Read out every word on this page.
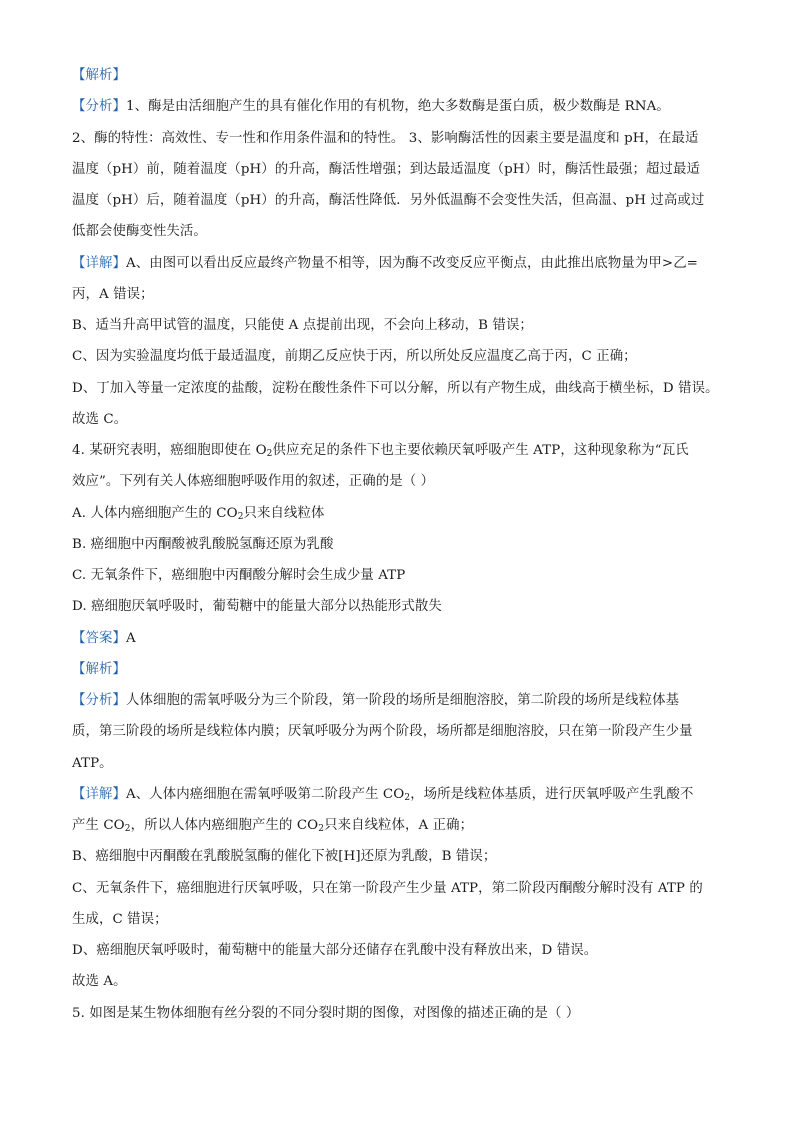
【解析】
【分析】1、酶是由活细胞产生的具有催化作用的有机物，绝大多数酶是蛋白质，极少数酶是 RNA。
2、酶的特性：高效性、专一性和作用条件温和的特性。 3、影响酶活性的因素主要是温度和 pH，在最适
温度（pH）前，随着温度（pH）的升高，酶活性增强；到达最适温度（pH）时，酶活性最强；超过最适
温度（pH）后，随着温度（pH）的升高，酶活性降低．另外低温酶不会变性失活，但高温、pH 过高或过
低都会使酶变性失活。
【详解】A、由图可以看出反应最终产物量不相等，因为酶不改变反应平衡点，由此推出底物量为甲>乙=
丙，A 错误；
B、适当升高甲试管的温度，只能使 A 点提前出现，不会向上移动，B 错误；
C、因为实验温度均低于最适温度，前期乙反应快于丙，所以所处反应温度乙高于丙，C 正确；
D、丁加入等量一定浓度的盐酸，淀粉在酸性条件下可以分解，所以有产物生成，曲线高于横坐标，D 错误。
故选 C。
4. 某研究表明，癌细胞即使在 $O_2$供应充足的条件下也主要依赖厌氧呼吸产生 ATP，这种现象称为“瓦氏
效应”。下列有关人体癌细胞呼吸作用的叙述，正确的是（ ）
A. 人体内癌细胞产生的 $CO_2$只来自线粒体
B. 癌细胞中丙酮酸被乳酸脱氢酶还原为乳酸
C. 无氧条件下，癌细胞中丙酮酸分解时会生成少量 ATP
D. 癌细胞厌氧呼吸时，葡萄糖中的能量大部分以热能形式散失
【答案】A
【解析】
【分析】人体细胞的需氧呼吸分为三个阶段，第一阶段的场所是细胞溶胶，第二阶段的场所是线粒体基
质，第三阶段的场所是线粒体内膜；厌氧呼吸分为两个阶段，场所都是细胞溶胶，只在第一阶段产生少量
ATP。
【详解】A、人体内癌细胞在需氧呼吸第二阶段产生 $CO_2$，场所是线粒体基质，进行厌氧呼吸产生乳酸不
产生 $CO_2$，所以人体内癌细胞产生的 $CO_2$只来自线粒体，A 正确；
B、癌细胞中丙酮酸在乳酸脱氢酶的催化下被[H]还原为乳酸，B 错误；
C、无氧条件下，癌细胞进行厌氧呼吸，只在第一阶段产生少量 ATP，第二阶段丙酮酸分解时没有 ATP 的
生成，C 错误；
D、癌细胞厌氧呼吸时，葡萄糖中的能量大部分还储存在乳酸中没有释放出来，D 错误。
故选 A。
5. 如图是某生物体细胞有丝分裂的不同分裂时期的图像，对图像的描述正确的是（ ）
